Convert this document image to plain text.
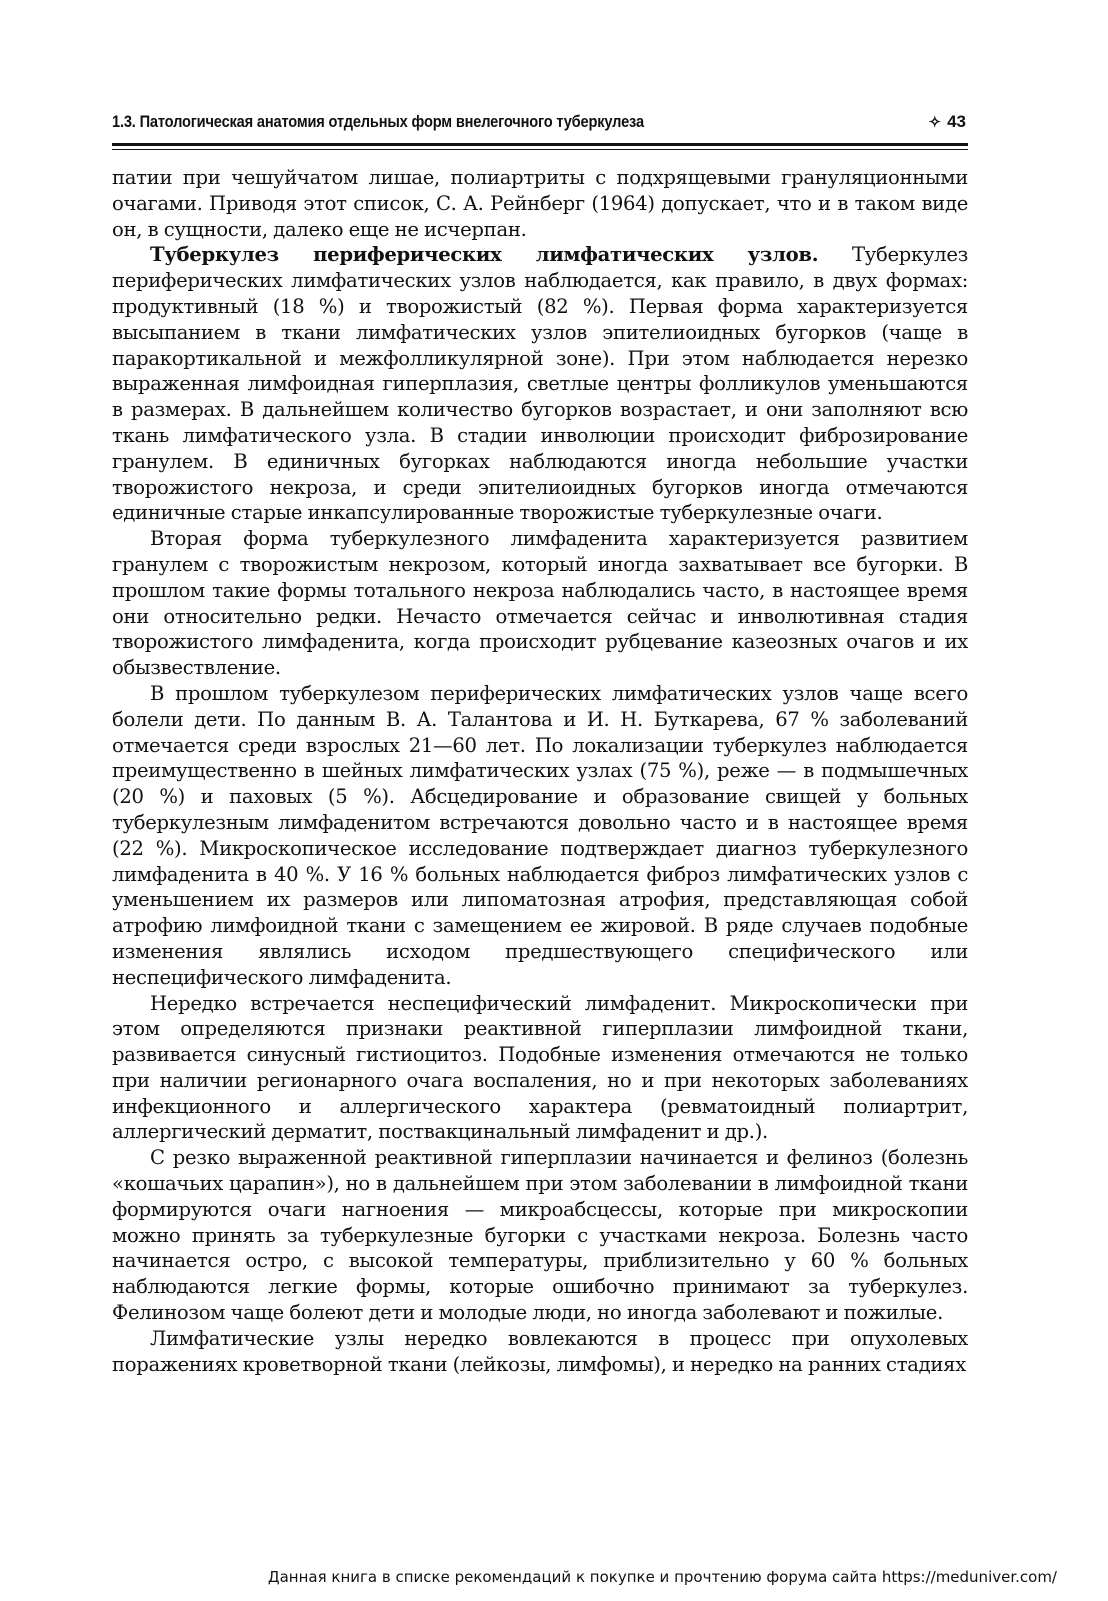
1.3. Патологическая анатомия отдельных форм внелегочного туберкулеза	✧ 43

патии при чешуйчатом лишае, полиартриты с подхрящевыми грануляционными очагами. Приводя этот список, С. А. Рейнберг (1964) допускает, что и в таком виде он, в сущности, далеко еще не исчерпан.

Туберкулез периферических лимфатических узлов. Туберкулез периферических лимфатических узлов наблюдается, как правило, в двух формах: продуктивный (18 %) и творожистый (82 %). Первая форма характеризуется высыпанием в ткани лимфатических узлов эпителиоидных бугорков (чаще в паракортикальной и межфолликулярной зоне). При этом наблюдается нерезко выраженная лимфоидная гиперплазия, светлые центры фолликулов уменьшаются в размерах. В дальнейшем количество бугорков возрастает, и они заполняют всю ткань лимфатического узла. В стадии инволюции происходит фиброзирование гранулем. В единичных бугорках наблюдаются иногда небольшие участки творожистого некроза, и среди эпителиоидных бугорков иногда отмечаются единичные старые инкапсулированные творожистые туберкулезные очаги.

Вторая форма туберкулезного лимфаденита характеризуется развитием гранулем с творожистым некрозом, который иногда захватывает все бугорки. В прошлом такие формы тотального некроза наблюдались часто, в настоящее время они относительно редки. Нечасто отмечается сейчас и инволютивная стадия творожистого лимфаденита, когда происходит рубцевание казеозных очагов и их обызвествление.

В прошлом туберкулезом периферических лимфатических узлов чаще всего болели дети. По данным В. А. Талантова и И. Н. Буткарева, 67 % заболеваний отмечается среди взрослых 21—60 лет. По локализации туберкулез наблюдается преимущественно в шейных лимфатических узлах (75 %), реже — в подмышечных (20 %) и паховых (5 %). Абсцедирование и образование свищей у больных туберкулезным лимфаденитом встречаются довольно часто и в настоящее время (22 %). Микроскопическое исследование подтверждает диагноз туберкулезного лимфаденита в 40 %. У 16 % больных наблюдается фиброз лимфатических узлов с уменьшением их размеров или липоматозная атрофия, представляющая собой атрофию лимфоидной ткани с замещением ее жировой. В ряде случаев подобные изменения являлись исходом предшествующего специфического или неспецифического лимфаденита.

Нередко встречается неспецифический лимфаденит. Микроскопически при этом определяются признаки реактивной гиперплазии лимфоидной ткани, развивается синусный гистиоцитоз. Подобные изменения отмечаются не только при наличии регионарного очага воспаления, но и при некоторых заболеваниях инфекционного и аллергического характера (ревматоидный полиартрит, аллергический дерматит, поствакцинальный лимфаденит и др.).

С резко выраженной реактивной гиперплазии начинается и фелиноз (болезнь «кошачьих царапин»), но в дальнейшем при этом заболевании в лимфоидной ткани формируются очаги нагноения — микроабсцессы, которые при микроскопии можно принять за туберкулезные бугорки с участками некроза. Болезнь часто начинается остро, с высокой температуры, приблизительно у 60 % больных наблюдаются легкие формы, которые ошибочно принимают за туберкулез. Фелинозом чаще болеют дети и молодые люди, но иногда заболевают и пожилые.

Лимфатические узлы нередко вовлекаются в процесс при опухолевых поражениях кроветворной ткани (лейкозы, лимфомы), и нередко на ранних стадиях

Данная книга в списке рекомендаций к покупке и прочтению форума сайта https://meduniver.com/
